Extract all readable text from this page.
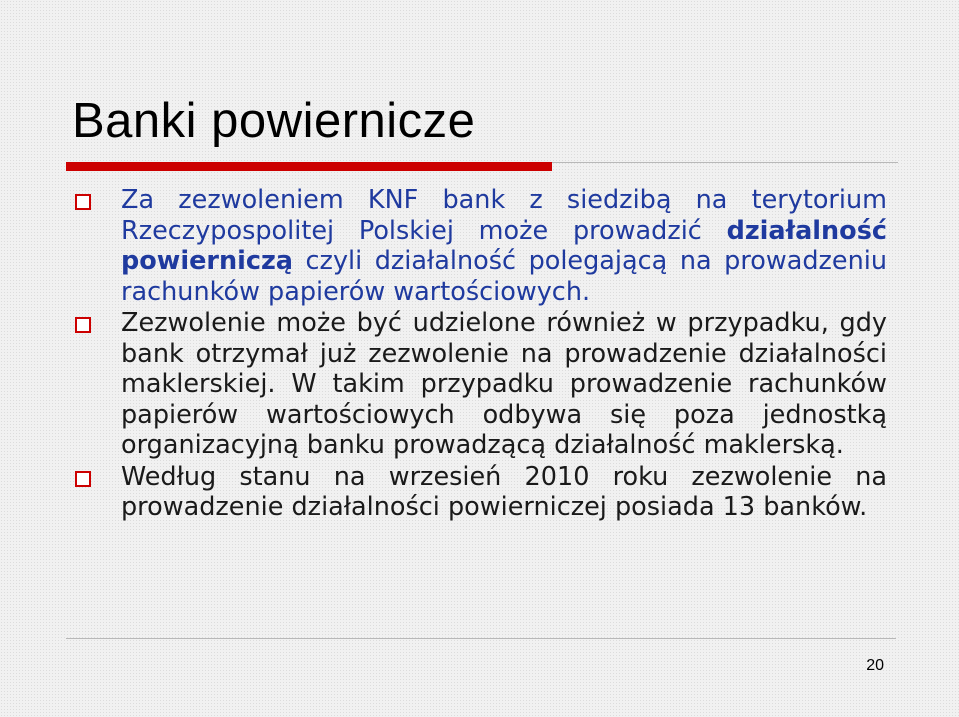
Banki powiernicze
Za zezwoleniem KNF bank z siedzibą na terytorium Rzeczypospolitej Polskiej może prowadzić działalność powierniczą czyli działalność polegającą na prowadzeniu rachunków papierów wartościowych.
Zezwolenie może być udzielone również w przypadku, gdy bank otrzymał już zezwolenie na prowadzenie działalności maklerskiej. W takim przypadku prowadzenie rachunków papierów wartościowych odbywa się poza jednostką organizacyjną banku prowadzącą działalność maklerską.
Według stanu na wrzesień 2010 roku zezwolenie na prowadzenie działalności powierniczej posiada 13 banków.
20
